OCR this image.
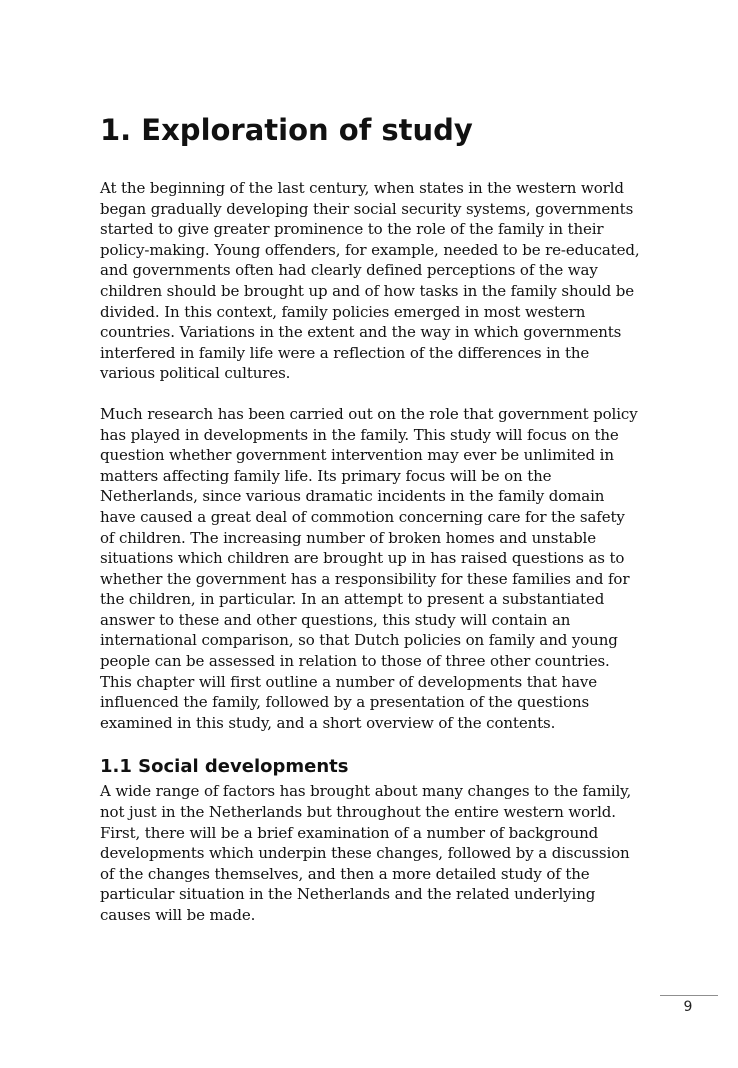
1. Exploration of study

At the beginning of the last century, when states in the western world began gradually developing their social security systems, governments started to give greater prominence to the role of the family in their policy-making. Young offenders, for example, needed to be re-educated, and governments often had clearly defined perceptions of the way children should be brought up and of how tasks in the family should be divided. In this context, family policies emerged in most western countries. Variations in the extent and the way in which governments interfered in family life were a reflection of the differences in the various political cultures.

Much research has been carried out on the role that government policy has played in developments in the family. This study will focus on the question whether government intervention may ever be unlimited in matters affecting family life. Its primary focus will be on the Netherlands, since various dramatic incidents in the family domain have caused a great deal of commotion concerning care for the safety of children. The increasing number of broken homes and unstable situations which children are brought up in has raised questions as to whether the government has a responsibility for these families and for the children, in particular. In an attempt to present a substantiated answer to these and other questions, this study will contain an international comparison, so that Dutch policies on family and young people can be assessed in relation to those of three other countries. This chapter will first outline a number of developments that have influenced the family, followed by a presentation of the questions examined in this study, and a short overview of the contents.

1.1 Social developments

A wide range of factors has brought about many changes to the family, not just in the Netherlands but throughout the entire western world. First, there will be a brief examination of a number of background developments which underpin these changes, followed by a discussion of the changes themselves, and then a more detailed study of the particular situation in the Netherlands and the related underlying causes will be made.

9
